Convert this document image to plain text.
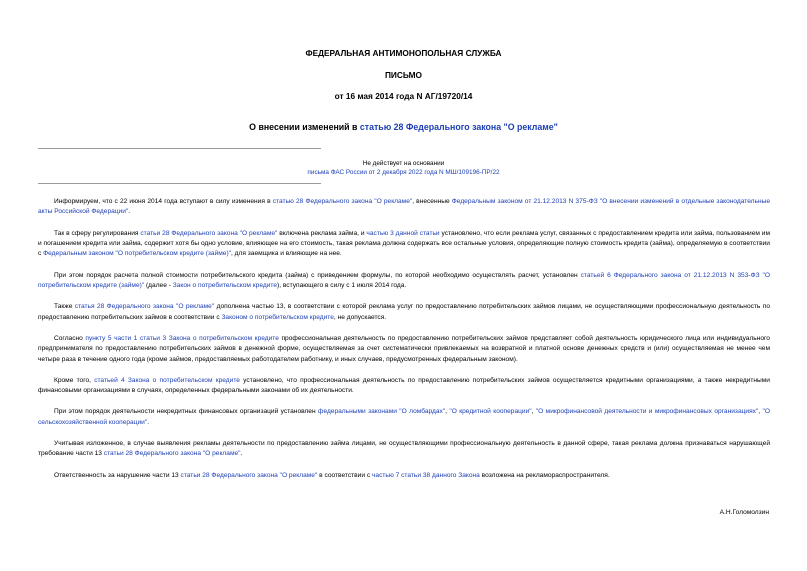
ФЕДЕРАЛЬНАЯ АНТИМОНОПОЛЬНАЯ СЛУЖБА

ПИСЬМО

от 16 мая 2014 года N АГ/19720/14

О внесении изменений в статью 28 Федерального закона "О рекламе"

Не действует на основании

письма ФАС России от 2 декабря 2022 года N МШ/109196-ПР/22

Информируем, что с 22 июня 2014 года вступают в силу изменения в статью 28 Федерального закона "О рекламе", внесенные Федеральным законом от 21.12.2013 N 375-ФЗ "О внесении изменений в отдельные законодательные акты Российской Федерации".

Так в сферу регулирования статьи 28 Федерального закона "О рекламе" включена реклама займа, и частью 3 данной статьи установлено, что если реклама услуг, связанных с предоставлением кредита или займа, пользованием им и погашением кредита или займа, содержит хотя бы одно условие, влияющее на его стоимость, такая реклама должна содержать все остальные условия, определяющие полную стоимость кредита (займа), определяемую в соответствии с Федеральным законом "О потребительском кредите (займе)", для заемщика и влияющие на нее.

При этом порядок расчета полной стоимости потребительского кредита (займа) с приведением формулы, по которой необходимо осуществлять расчет, установлен статьей 6 Федерального закона от 21.12.2013 N 353-ФЗ "О потребительском кредите (займе)" (далее - Закон о потребительском кредите), вступающего в силу с 1 июля 2014 года.

Также статья 28 Федерального закона "О рекламе" дополнена частью 13, в соответствии с которой реклама услуг по предоставлению потребительских займов лицами, не осуществляющими профессиональную деятельность по предоставлению потребительских займов в соответствии с Законом о потребительском кредите, не допускается.

Согласно пункту 5 части 1 статьи 3 Закона о потребительском кредите профессиональная деятельность по предоставлению потребительских займов представляет собой деятельность юридического лица или индивидуального предпринимателя по предоставлению потребительских займов в денежной форме, осуществляемая за счет систематически привлекаемых на возвратной и платной основе денежных средств и (или) осуществляемая не менее чем четыре раза в течение одного года (кроме займов, предоставляемых работодателем работнику, и иных случаев, предусмотренных федеральным законом).

Кроме того, статьей 4 Закона о потребительском кредите установлено, что профессиональная деятельность по предоставлению потребительских займов осуществляется кредитными организациями, а также некредитными финансовыми организациями в случаях, определенных федеральными законами об их деятельности.

При этом порядок деятельности некредитных финансовых организаций установлен федеральными законами "О ломбардах", "О кредитной кооперации", "О микрофинансовой деятельности и микрофинансовых организациях", "О сельскохозяйственной кооперации".

Учитывая изложенное, в случае выявления рекламы деятельности по предоставлению займа лицами, не осуществляющими профессиональную деятельность в данной сфере, такая реклама должна признаваться нарушающей требование части 13 статьи 28 Федерального закона "О рекламе".

Ответственность за нарушение части 13 статьи 28 Федерального закона "О рекламе" в соответствии с частью 7 статьи 38 данного Закона возложена на рекламораспространителя.

А.Н.Голомолзин
